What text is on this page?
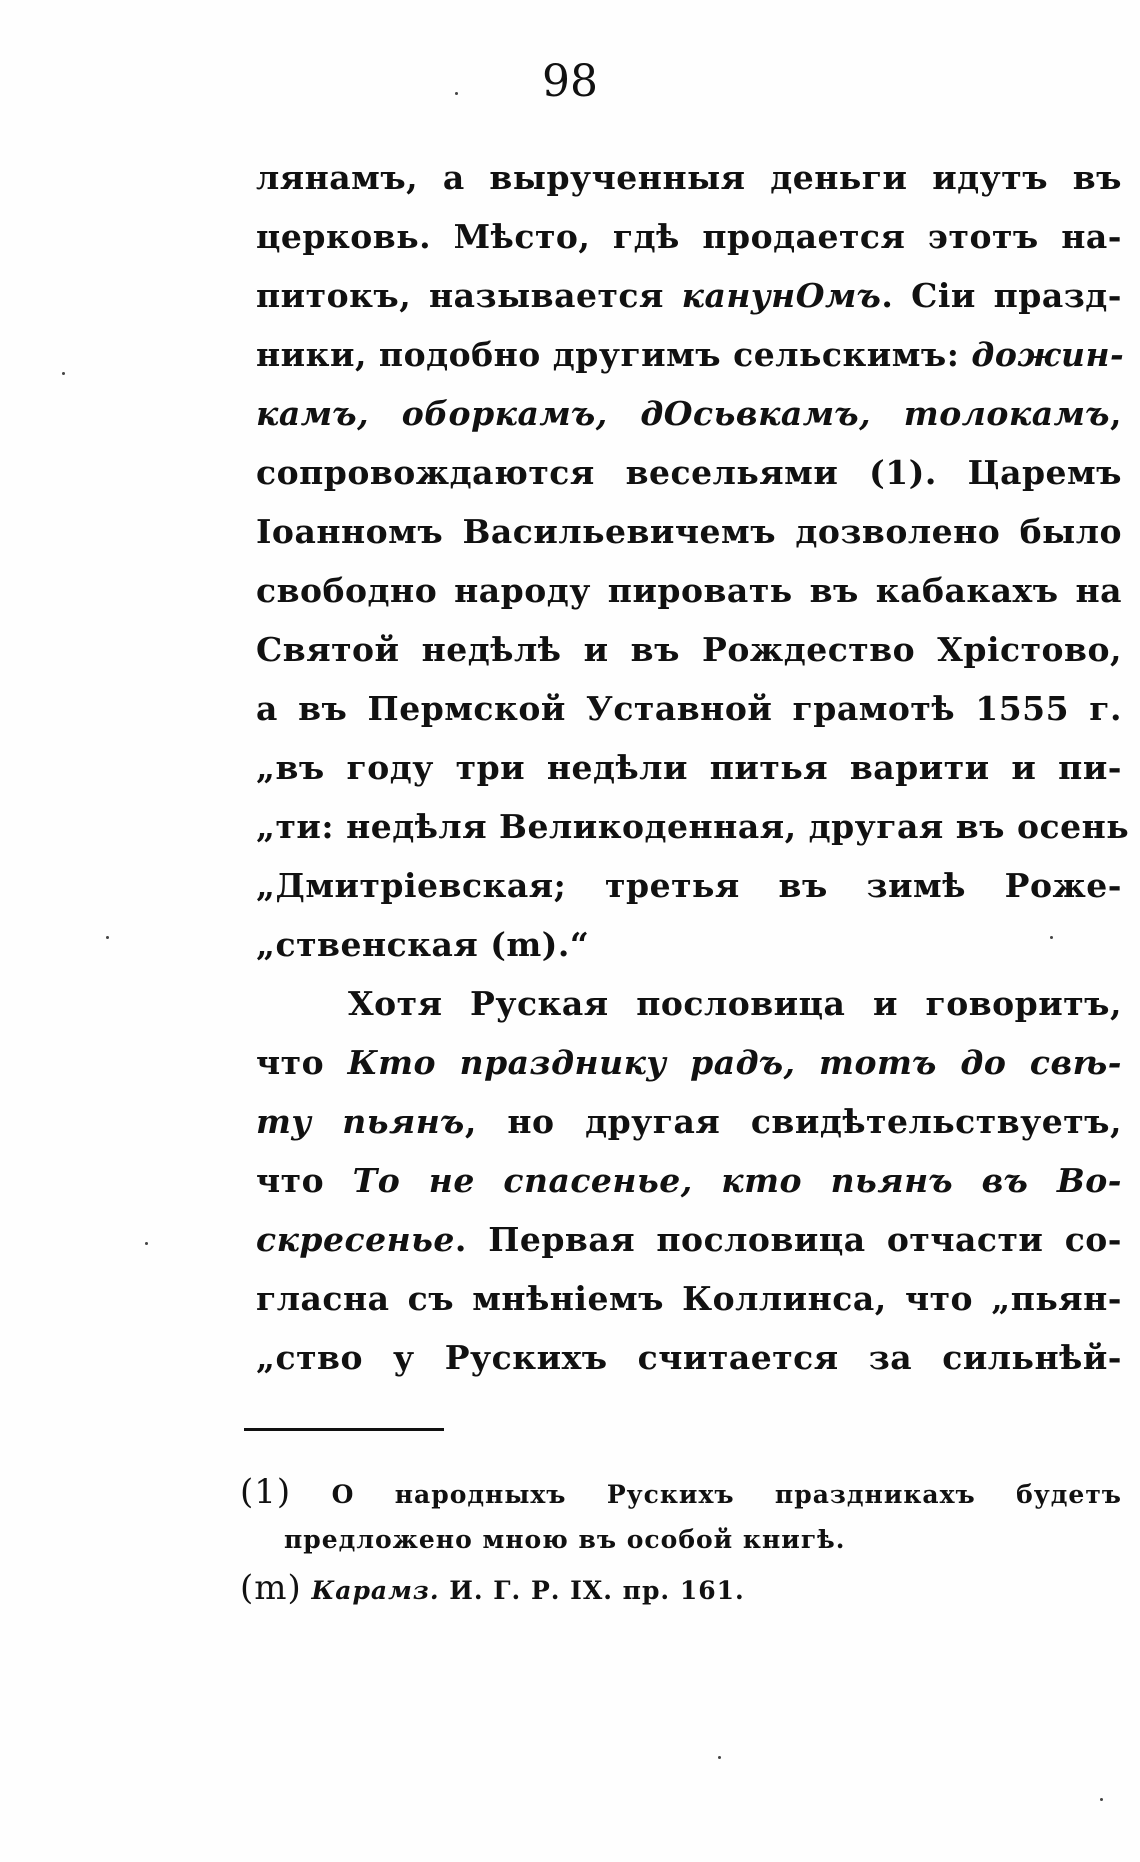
98
лянамъ, а вырученныя деньги идутъ въ
церковь. Мѣсто, гдѣ продается этотъ на-
питокъ, называется канунОмъ. Сіи празд-
ники, подобно другимъ сельскимъ: дожин-
камъ, оборкамъ, дОсьвкамъ, толокамъ,
сопровождаются весельями (1). Царемъ
Іоанномъ Васильевичемъ дозволено было
свободно народу пировать въ кабакахъ на
Святой недѣлѣ и въ Рождество Хрістово,
а въ Пермской Уставной грамотѣ 1555 г.
„въ году три недѣли питья варити и пи-
„ти: недѣля Великоденная, другая въ осень
„Дмитріевская; третья въ зимѣ Роже-
„ственская (m).“
Хотя Руская пословица и говоритъ,
что Кто празднику радъ, тотъ до свѣ-
ту пьянъ, но другая свидѣтельствуетъ,
что То не спасенье, кто пьянъ въ Во-
скресенье. Первая пословица отчасти со-
гласна съ мнѣніемъ Коллинса, что „пьян-
„ство у Рускихъ считается за сильнѣй-
(1) О народныхъ Рускихъ праздникахъ будетъ
предложено мною въ особой книгѣ.
(m) Карамз. И. Г. Р. IX. пр. 161.
